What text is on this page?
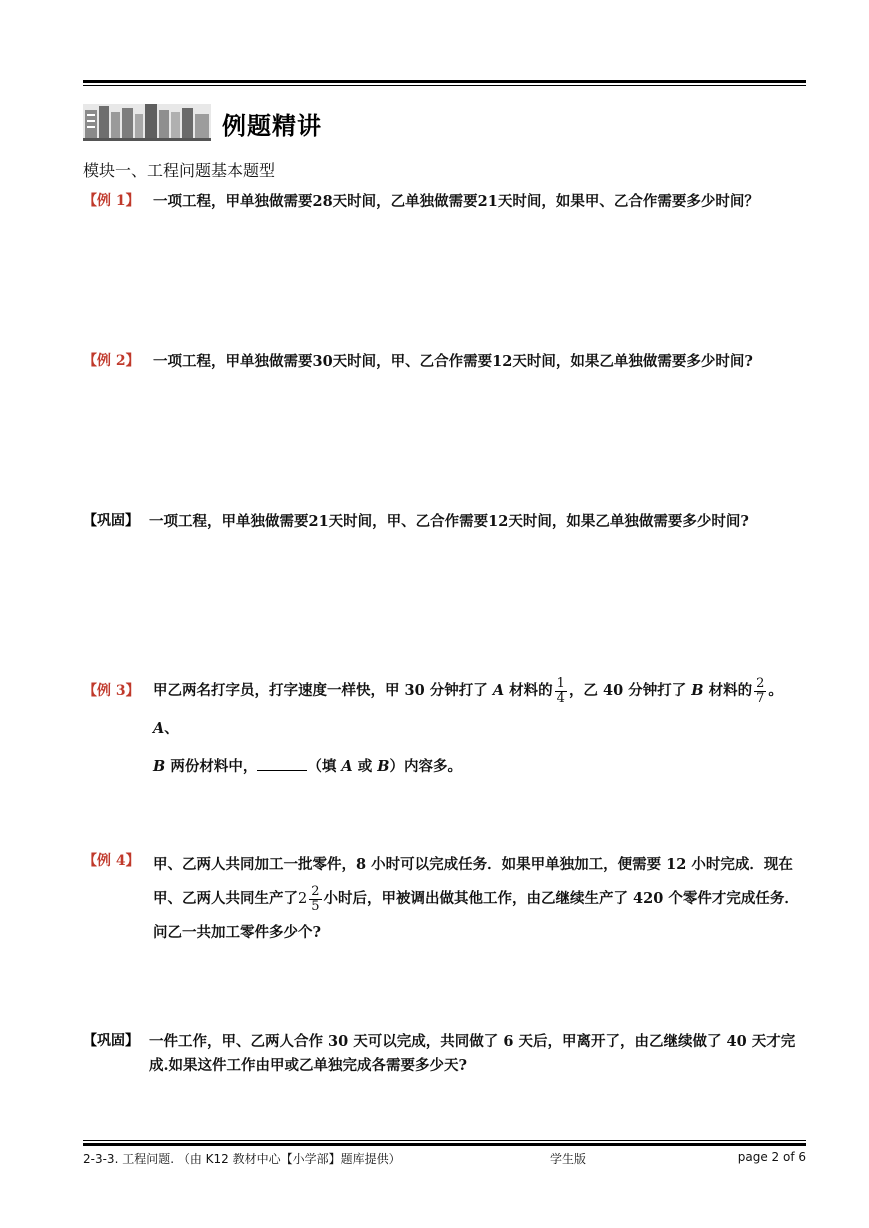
例题精讲
模块一、工程问题基本题型
【例 1】 一项工程，甲单独做需要28天时间，乙单独做需要21天时间，如果甲、乙合作需要多少时间？
【例 2】 一项工程，甲单独做需要30天时间，甲、乙合作需要12天时间，如果乙单独做需要多少时间?
【巩固】 一项工程，甲单独做需要21天时间，甲、乙合作需要12天时间，如果乙单独做需要多少时间?
【例 3】 甲乙两名打字员，打字速度一样快，甲 30 分钟打了 A 材料的 $\frac{1}{4}$ ，乙 40 分钟打了 B 材料的 $\frac{2}{7}$ 。A、
B 两份材料中，	（填 A 或 B）内容多。
【例 4】 甲、乙两人共同加工一批零件，8 小时可以完成任务．如果甲单独加工，便需要 12 小时完成．现在甲、乙两人共同生产了$2 \frac{2}{5}$ 小时后，甲被调出做其他工作，由乙继续生产了 420 个零件才完成任务．问乙一共加工零件多少个?
【巩固】 一件工作，甲、乙两人合作 30 天可以完成，共同做了 6 天后，甲离开了，由乙继续做了 40 天才完成.如果这件工作由甲或乙单独完成各需要多少天?
2-3-3. 工程问题. （由 K12 教材中心【小学部】题库提供）	学生版	page 2 of 6
